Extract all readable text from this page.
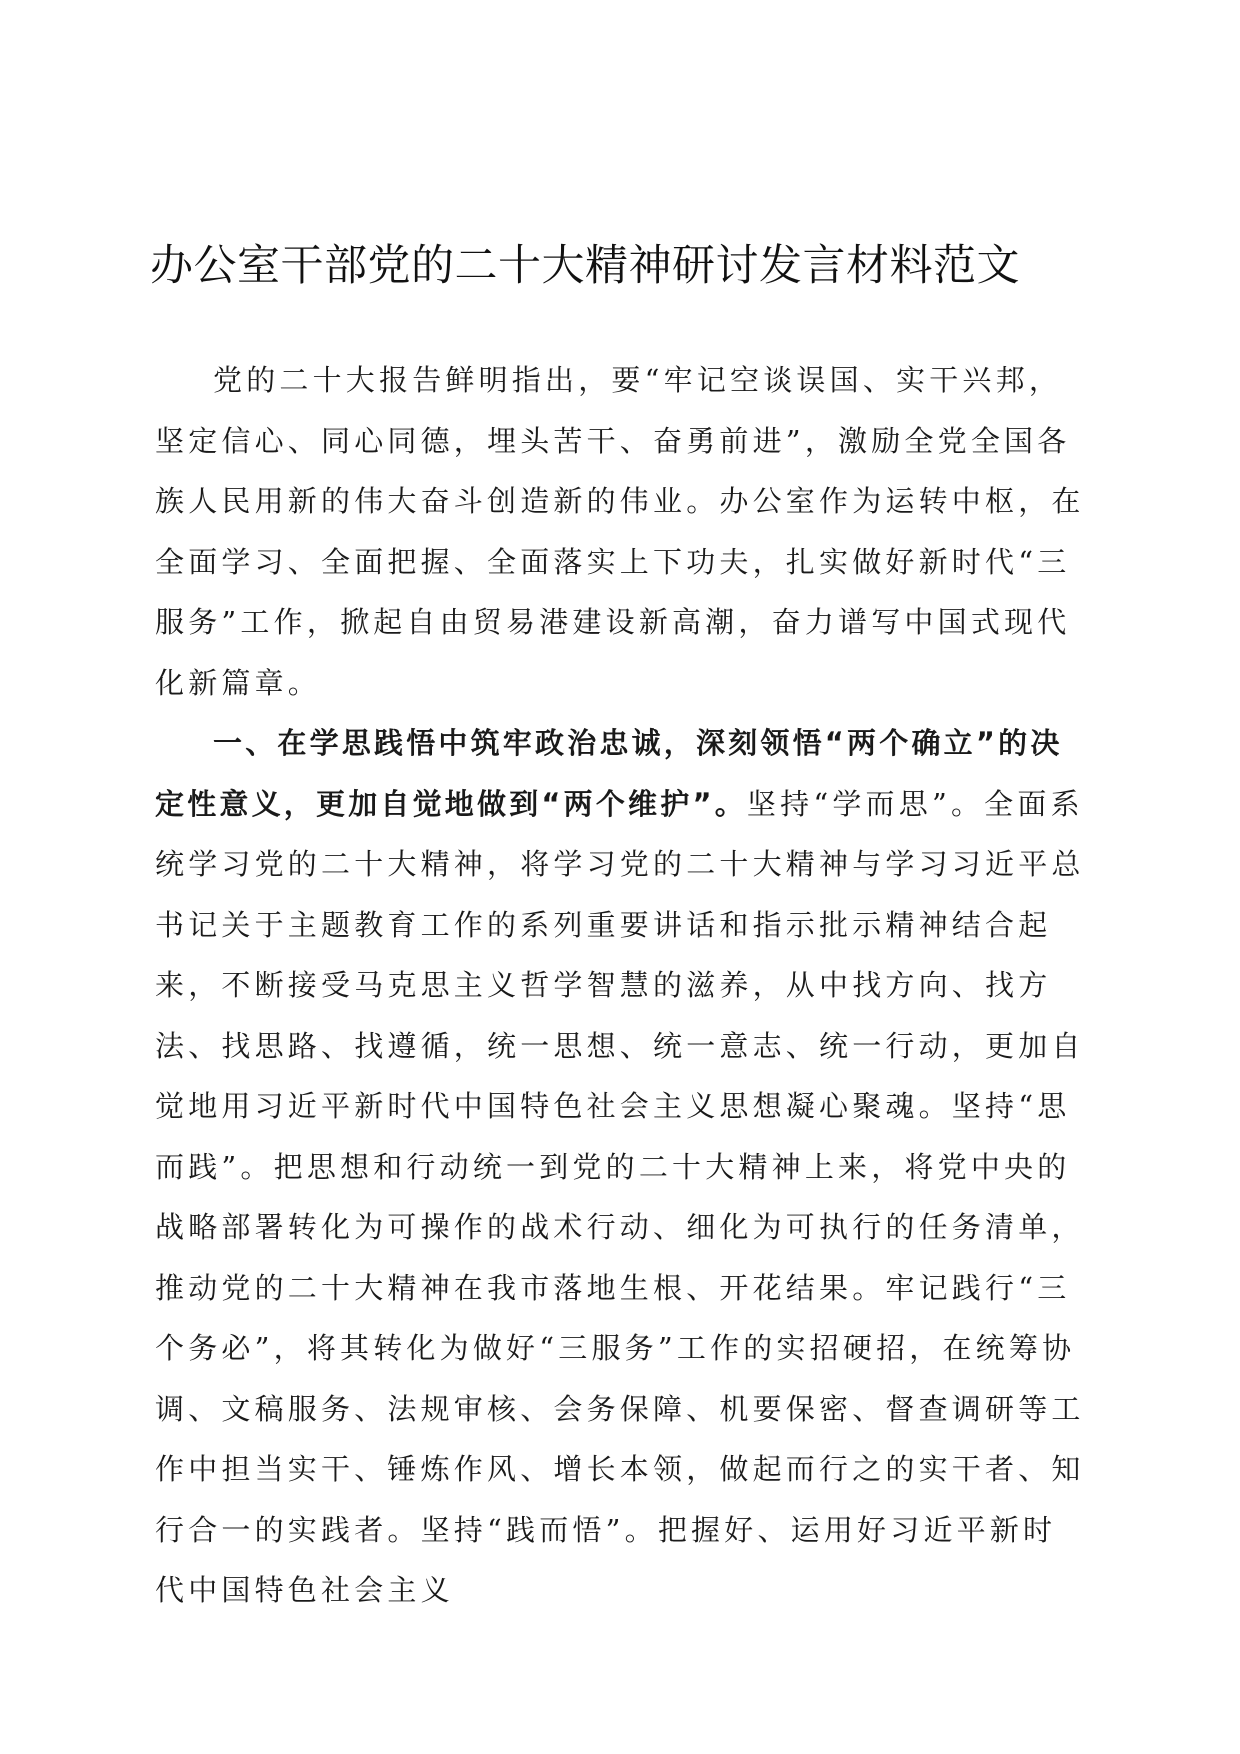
办公室干部党的二十大精神研讨发言材料范文

党的二十大报告鲜明指出，要“牢记空谈误国、实干兴邦，坚定信心、同心同德，埋头苦干、奋勇前进”，激励全党全国各族人民用新的伟大奋斗创造新的伟业。办公室作为运转中枢，在全面学习、全面把握、全面落实上下功夫，扎实做好新时代“三服务”工作，掀起自由贸易港建设新高潮，奋力谱写中国式现代化新篇章。

一、在学思践悟中筑牢政治忠诚，深刻领悟“两个确立”的决定性意义，更加自觉地做到“两个维护”。坚持“学而思”。全面系统学习党的二十大精神，将学习党的二十大精神与学习习近平总书记关于主题教育工作的系列重要讲话和指示批示精神结合起来，不断接受马克思主义哲学智慧的滋养，从中找方向、找方法、找思路、找遵循，统一思想、统一意志、统一行动，更加自觉地用习近平新时代中国特色社会主义思想凝心聚魂。坚持“思而践”。把思想和行动统一到党的二十大精神上来，将党中央的战略部署转化为可操作的战术行动、细化为可执行的任务清单，推动党的二十大精神在我市落地生根、开花结果。牢记践行“三个务必”，将其转化为做好“三服务”工作的实招硬招，在统筹协调、文稿服务、法规审核、会务保障、机要保密、督查调研等工作中担当实干、锤炼作风、增长本领，做起而行之的实干者、知行合一的实践者。坚持“践而悟”。把握好、运用好习近平新时代中国特色社会主义
